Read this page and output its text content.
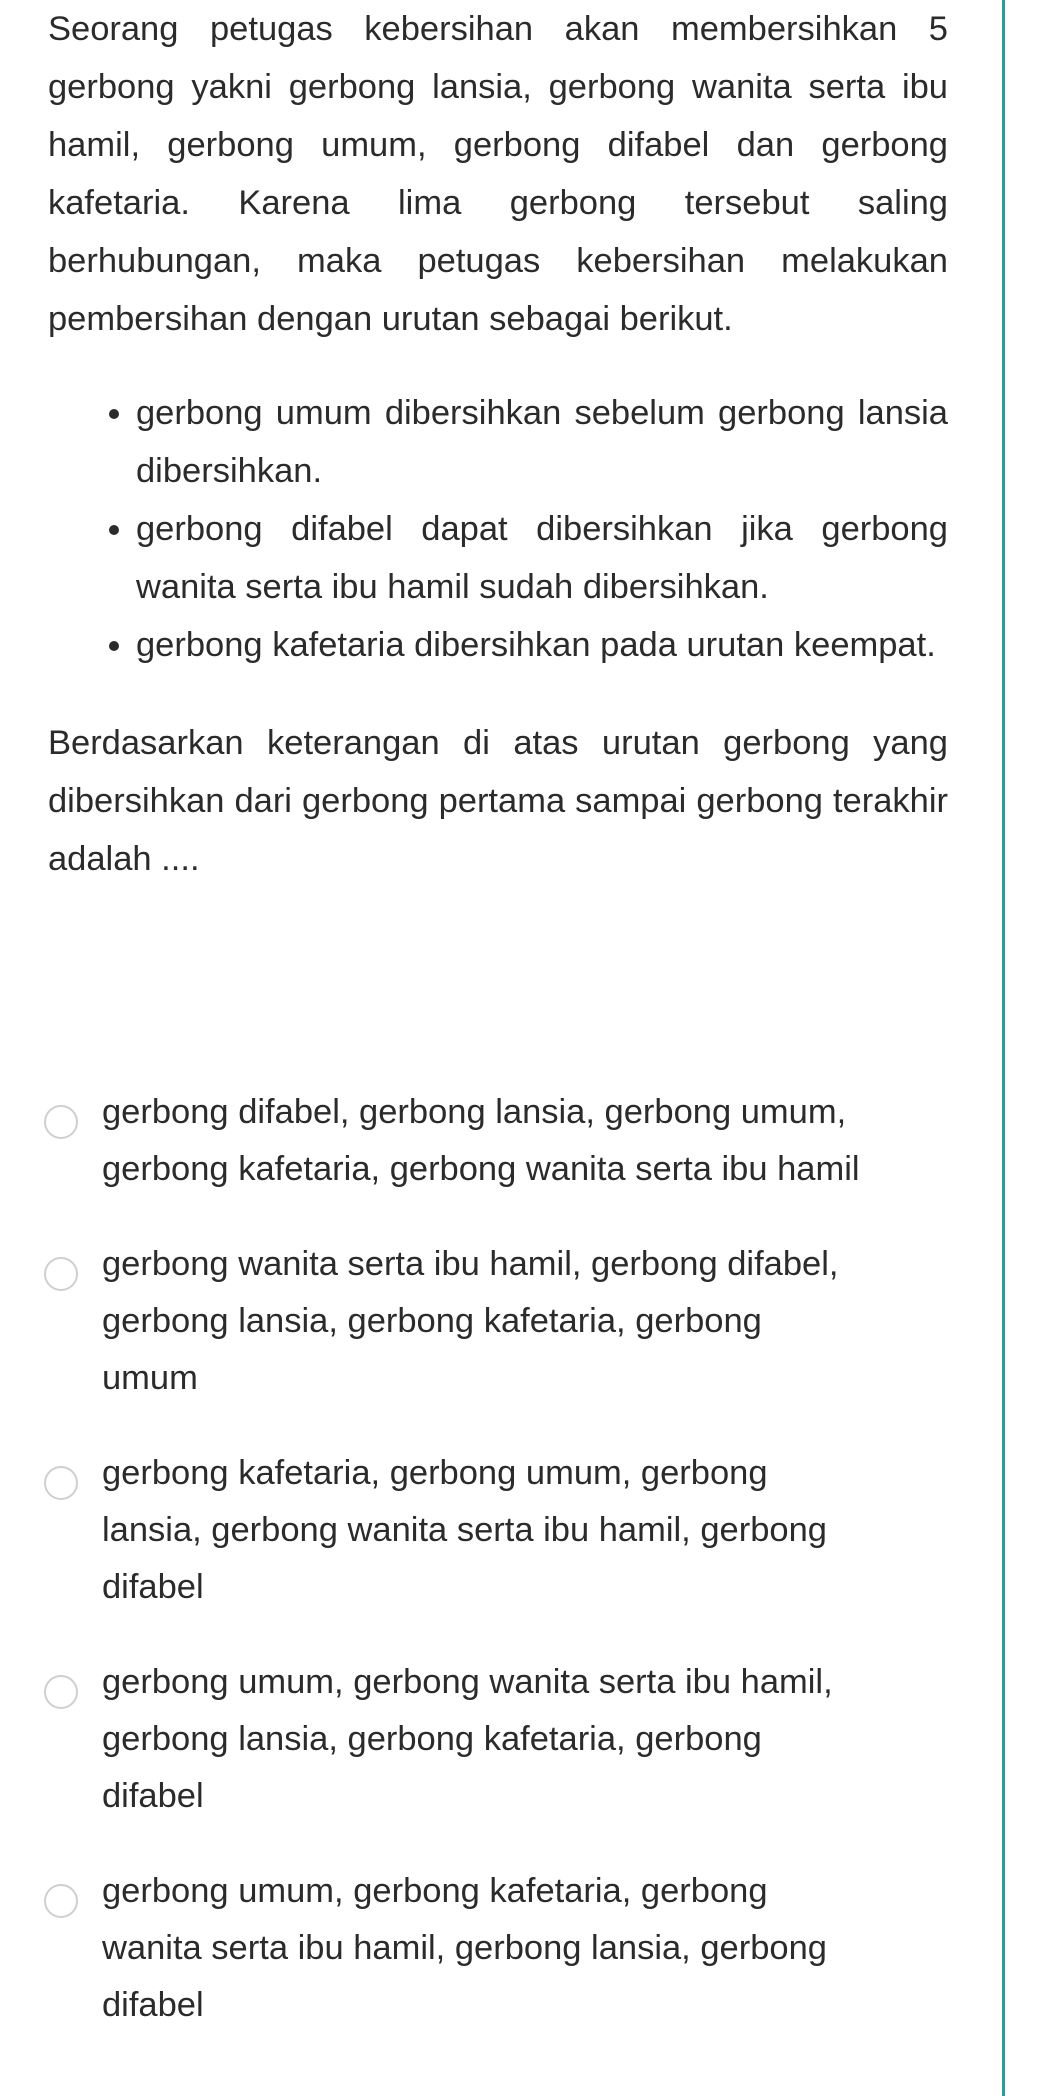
Seorang petugas kebersihan akan membersihkan 5 gerbong yakni gerbong lansia, gerbong wanita serta ibu hamil, gerbong umum, gerbong difabel dan gerbong kafetaria. Karena lima gerbong tersebut saling berhubungan, maka petugas kebersihan melakukan pembersihan dengan urutan sebagai berikut.

gerbong umum dibersihkan sebelum gerbong lansia dibersihkan.
gerbong difabel dapat dibersihkan jika gerbong wanita serta ibu hamil sudah dibersihkan.
gerbong kafetaria dibersihkan pada urutan keempat.

Berdasarkan keterangan di atas urutan gerbong yang dibersihkan dari gerbong pertama sampai gerbong terakhir adalah ....

gerbong difabel, gerbong lansia, gerbong umum, gerbong kafetaria, gerbong wanita serta ibu hamil
gerbong wanita serta ibu hamil, gerbong difabel, gerbong lansia, gerbong kafetaria, gerbong umum
gerbong kafetaria, gerbong umum, gerbong lansia, gerbong wanita serta ibu hamil, gerbong difabel
gerbong umum, gerbong wanita serta ibu hamil, gerbong lansia, gerbong kafetaria, gerbong difabel
gerbong umum, gerbong kafetaria, gerbong wanita serta ibu hamil, gerbong lansia, gerbong difabel
